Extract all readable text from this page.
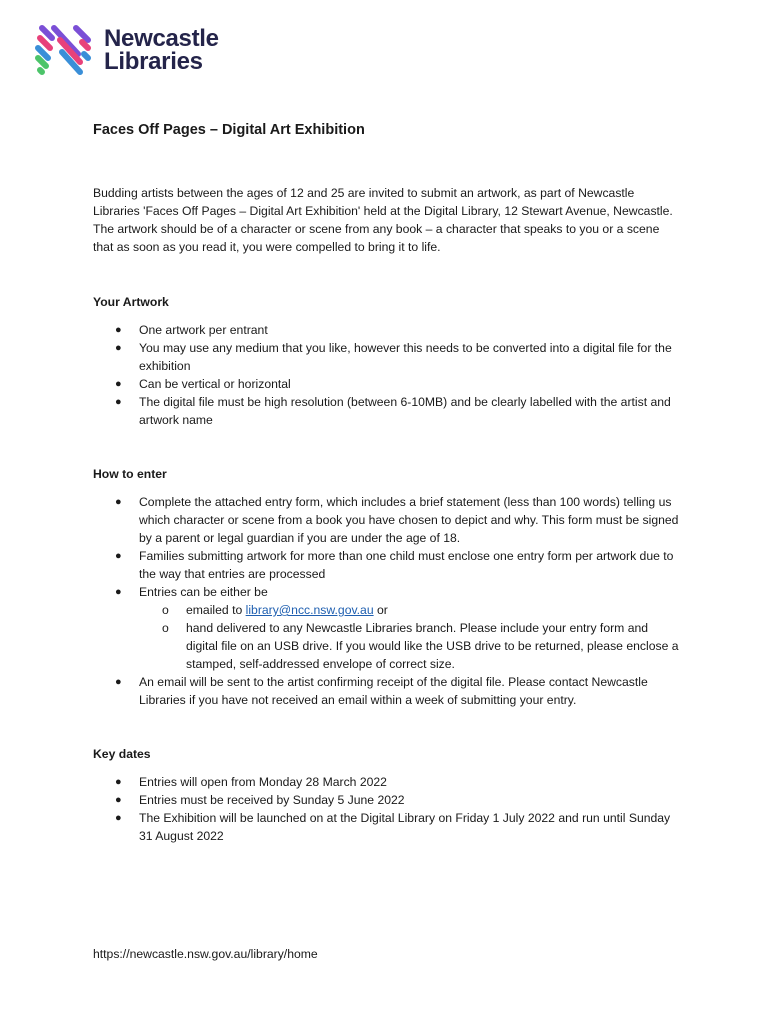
Newcastle
Libraries
Faces Off Pages – Digital Art Exhibition

Budding artists between the ages of 12 and 25 are invited to submit an artwork, as part of Newcastle Libraries 'Faces Off Pages – Digital Art Exhibition' held at the Digital Library, 12 Stewart Avenue, Newcastle. The artwork should be of a character or scene from any book – a character that speaks to you or a scene that as soon as you read it, you were compelled to bring it to life.

Your Artwork
● One artwork per entrant
● You may use any medium that you like, however this needs to be converted into a digital file for the exhibition
● Can be vertical or horizontal
● The digital file must be high resolution (between 6-10MB) and be clearly labelled with the artist and artwork name
How to enter
● Complete the attached entry form, which includes a brief statement (less than 100 words) telling us which character or scene from a book you have chosen to depict and why. This form must be signed by a parent or legal guardian if you are under the age of 18.
● Families submitting artwork for more than one child must enclose one entry form per artwork due to the way that entries are processed
● Entries can be either be
o emailed to library@ncc.nsw.gov.au or
o hand delivered to any Newcastle Libraries branch. Please include your entry form and digital file on an USB drive. If you would like the USB drive to be returned, please enclose a stamped, self-addressed envelope of correct size.
● An email will be sent to the artist confirming receipt of the digital file. Please contact Newcastle Libraries if you have not received an email within a week of submitting your entry.
Key dates
● Entries will open from Monday 28 March 2022
● Entries must be received by Sunday 5 June 2022
● The Exhibition will be launched on at the Digital Library on Friday 1 July 2022 and run until Sunday 31 August 2022
https://newcastle.nsw.gov.au/library/home
